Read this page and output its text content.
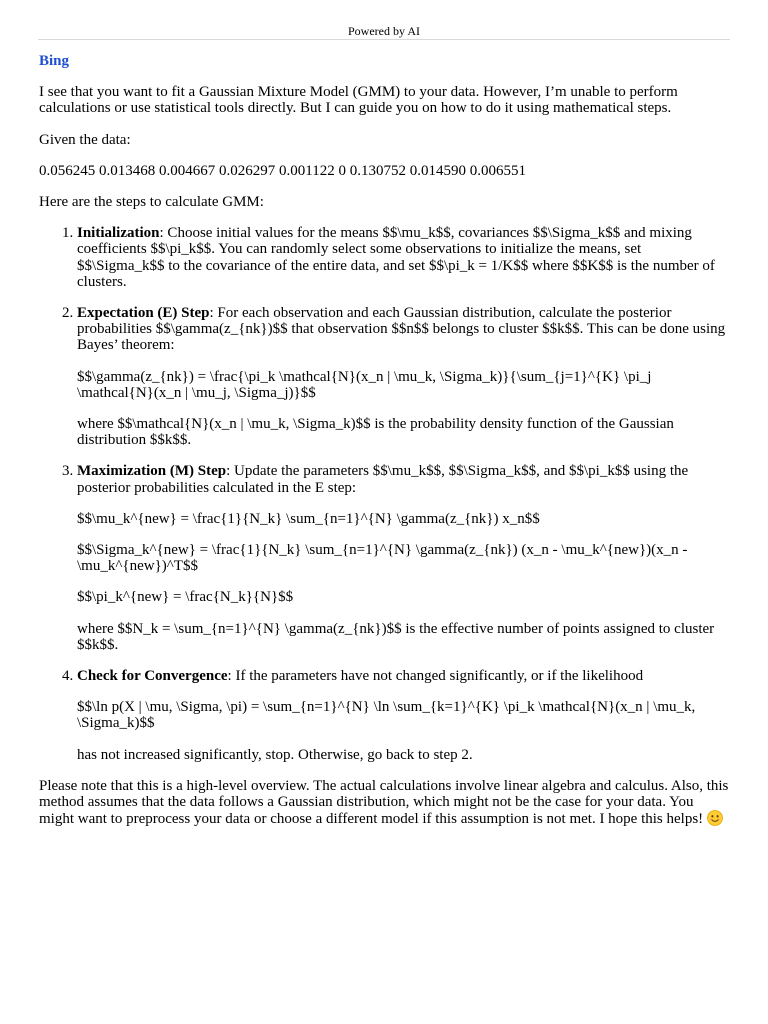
Powered by AI
Bing

I see that you want to fit a Gaussian Mixture Model (GMM) to your data. However, I’m unable to perform calculations or use statistical tools directly. But I can guide you on how to do it using mathematical steps.

Given the data:

0.056245 0.013468 0.004667 0.026297 0.001122 0 0.130752 0.014590 0.006551

Here are the steps to calculate GMM:

1. Initialization: Choose initial values for the means $$\mu_k$$, covariances $$\Sigma_k$$ and mixing coefficients $$\pi_k$$. You can randomly select some observations to initialize the means, set $$\Sigma_k$$ to the covariance of the entire data, and set $$\pi_k = 1/K$$ where $$K$$ is the number of clusters.

2. Expectation (E) Step: For each observation and each Gaussian distribution, calculate the posterior probabilities $$\gamma(z_{nk})$$ that observation $$n$$ belongs to cluster $$k$$. This can be done using Bayes’ theorem:

$$\gamma(z_{nk}) = \frac{\pi_k \mathcal{N}(x_n | \mu_k, \Sigma_k)}{\sum_{j=1}^{K} \pi_j \mathcal{N}(x_n | \mu_j, \Sigma_j)}$$

where $$\mathcal{N}(x_n | \mu_k, \Sigma_k)$$ is the probability density function of the Gaussian distribution $$k$$.

3. Maximization (M) Step: Update the parameters $$\mu_k$$, $$\Sigma_k$$, and $$\pi_k$$ using the posterior probabilities calculated in the E step:

$$\mu_k^{new} = \frac{1}{N_k} \sum_{n=1}^{N} \gamma(z_{nk}) x_n$$

$$\Sigma_k^{new} = \frac{1}{N_k} \sum_{n=1}^{N} \gamma(z_{nk}) (x_n - \mu_k^{new})(x_n - \mu_k^{new})^T$$

$$\pi_k^{new} = \frac{N_k}{N}$$

where $$N_k = \sum_{n=1}^{N} \gamma(z_{nk})$$ is the effective number of points assigned to cluster $$k$$.

4. Check for Convergence: If the parameters have not changed significantly, or if the likelihood

$$\ln p(X | \mu, \Sigma, \pi) = \sum_{n=1}^{N} \ln \sum_{k=1}^{K} \pi_k \mathcal{N}(x_n | \mu_k, \Sigma_k)$$

has not increased significantly, stop. Otherwise, go back to step 2.

Please note that this is a high-level overview. The actual calculations involve linear algebra and calculus. Also, this method assumes that the data follows a Gaussian distribution, which might not be the case for your data. You might want to preprocess your data or choose a different model if this assumption is not met. I hope this helps!
